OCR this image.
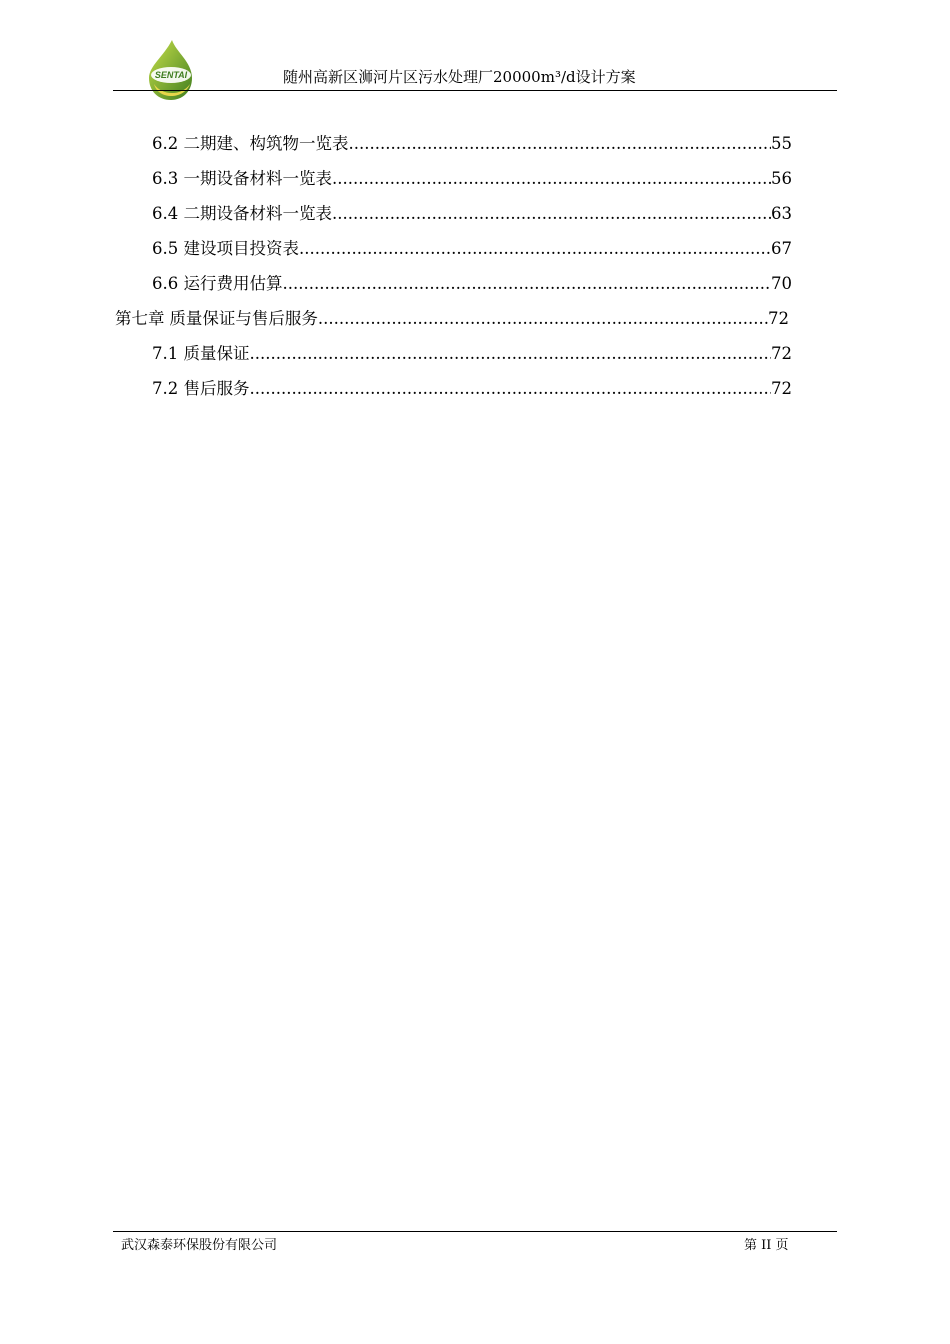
SENTAI	随州高新区浉河片区污水处理厂20000m³/d设计方案
6.2 二期建、构筑物一览表 .....	55
6.3 一期设备材料一览表 .....	56
6.4 二期设备材料一览表 .....	63
6.5 建设项目投资表 .....	67
6.6 运行费用估算 .....	70
第七章 质量保证与售后服务 .....	72
7.1 质量保证 .....	72
7.2 售后服务 .....	72
武汉森泰环保股份有限公司	第 II 页
